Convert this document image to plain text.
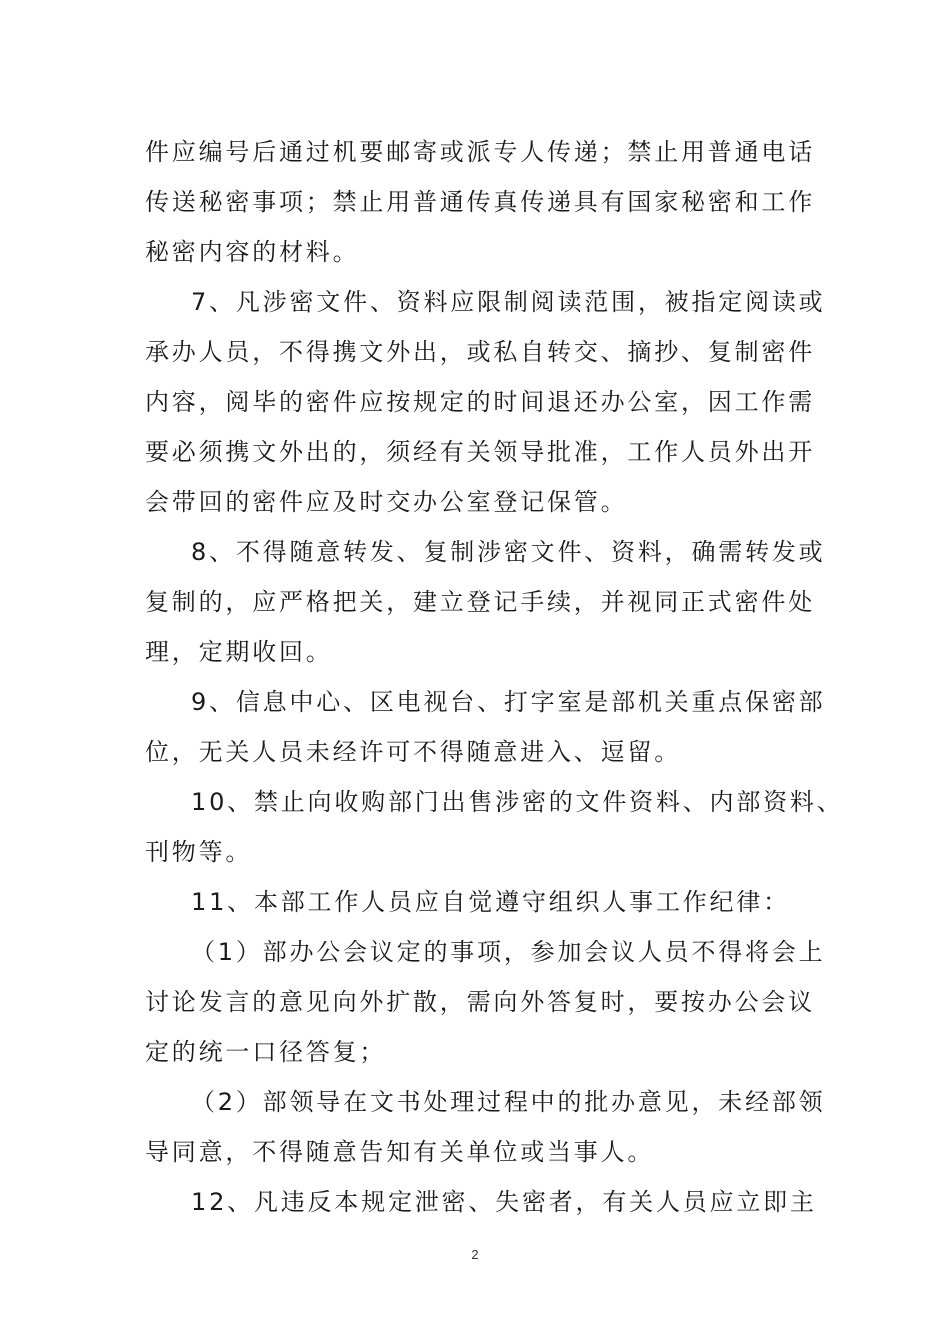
件应编号后通过机要邮寄或派专人传递；禁止用普通电话
传送秘密事项；禁止用普通传真传递具有国家秘密和工作
秘密内容的材料。
7、凡涉密文件、资料应限制阅读范围，被指定阅读或
承办人员，不得携文外出，或私自转交、摘抄、复制密件
内容，阅毕的密件应按规定的时间退还办公室，因工作需
要必须携文外出的，须经有关领导批准，工作人员外出开
会带回的密件应及时交办公室登记保管。
8、不得随意转发、复制涉密文件、资料，确需转发或
复制的，应严格把关，建立登记手续，并视同正式密件处
理，定期收回。
9、信息中心、区电视台、打字室是部机关重点保密部
位，无关人员未经许可不得随意进入、逗留。
10、禁止向收购部门出售涉密的文件资料、内部资料、
刊物等。
11、本部工作人员应自觉遵守组织人事工作纪律：
（1）部办公会议定的事项，参加会议人员不得将会上
讨论发言的意见向外扩散，需向外答复时，要按办公会议
定的统一口径答复；
（2）部领导在文书处理过程中的批办意见，未经部领
导同意，不得随意告知有关单位或当事人。
12、凡违反本规定泄密、失密者，有关人员应立即主
2
